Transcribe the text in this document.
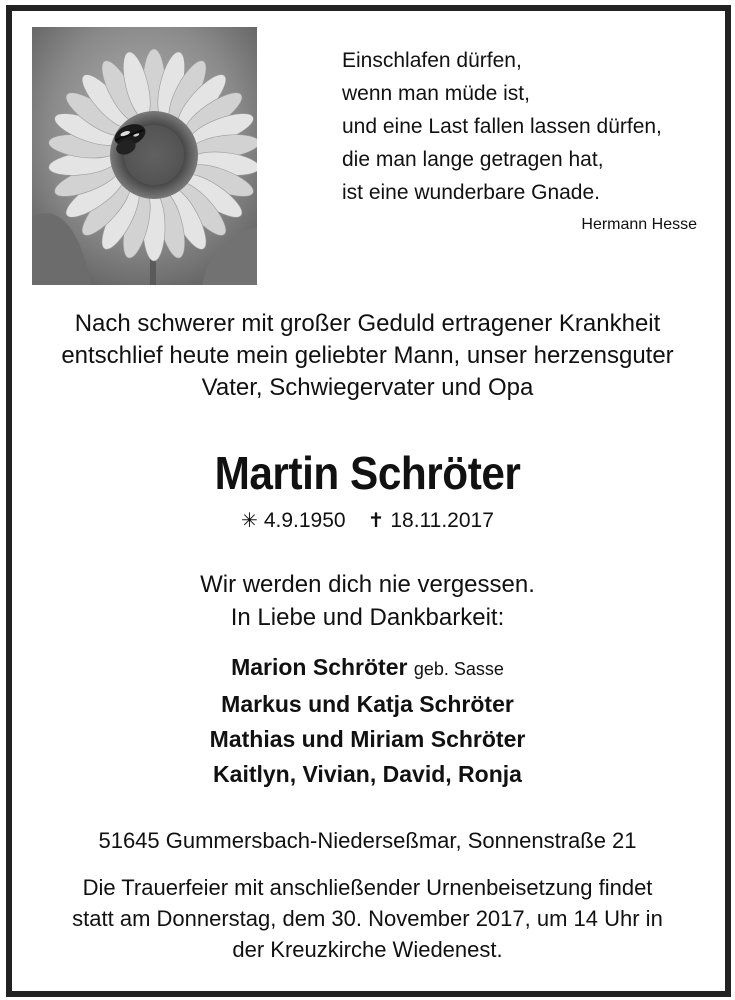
Einschlafen dürfen,
wenn man müde ist,
und eine Last fallen lassen dürfen,
die man lange getragen hat,
ist eine wunderbare Gnade.
Hermann Hesse
Nach schwerer mit großer Geduld ertragener Krankheit
entschlief heute mein geliebter Mann, unser herzensguter
Vater, Schwiegervater und Opa
Martin Schröter
✳ 4.9.1950 ✝ 18.11.2017
Wir werden dich nie vergessen.
In Liebe und Dankbarkeit:
Marion Schröter geb. Sasse
Markus und Katja Schröter
Mathias und Miriam Schröter
Kaitlyn, Vivian, David, Ronja
51645 Gummersbach-Niederseßmar, Sonnenstraße 21
Die Trauerfeier mit anschließender Urnenbeisetzung findet
statt am Donnerstag, dem 30. November 2017, um 14 Uhr in
der Kreuzkirche Wiedenest.
